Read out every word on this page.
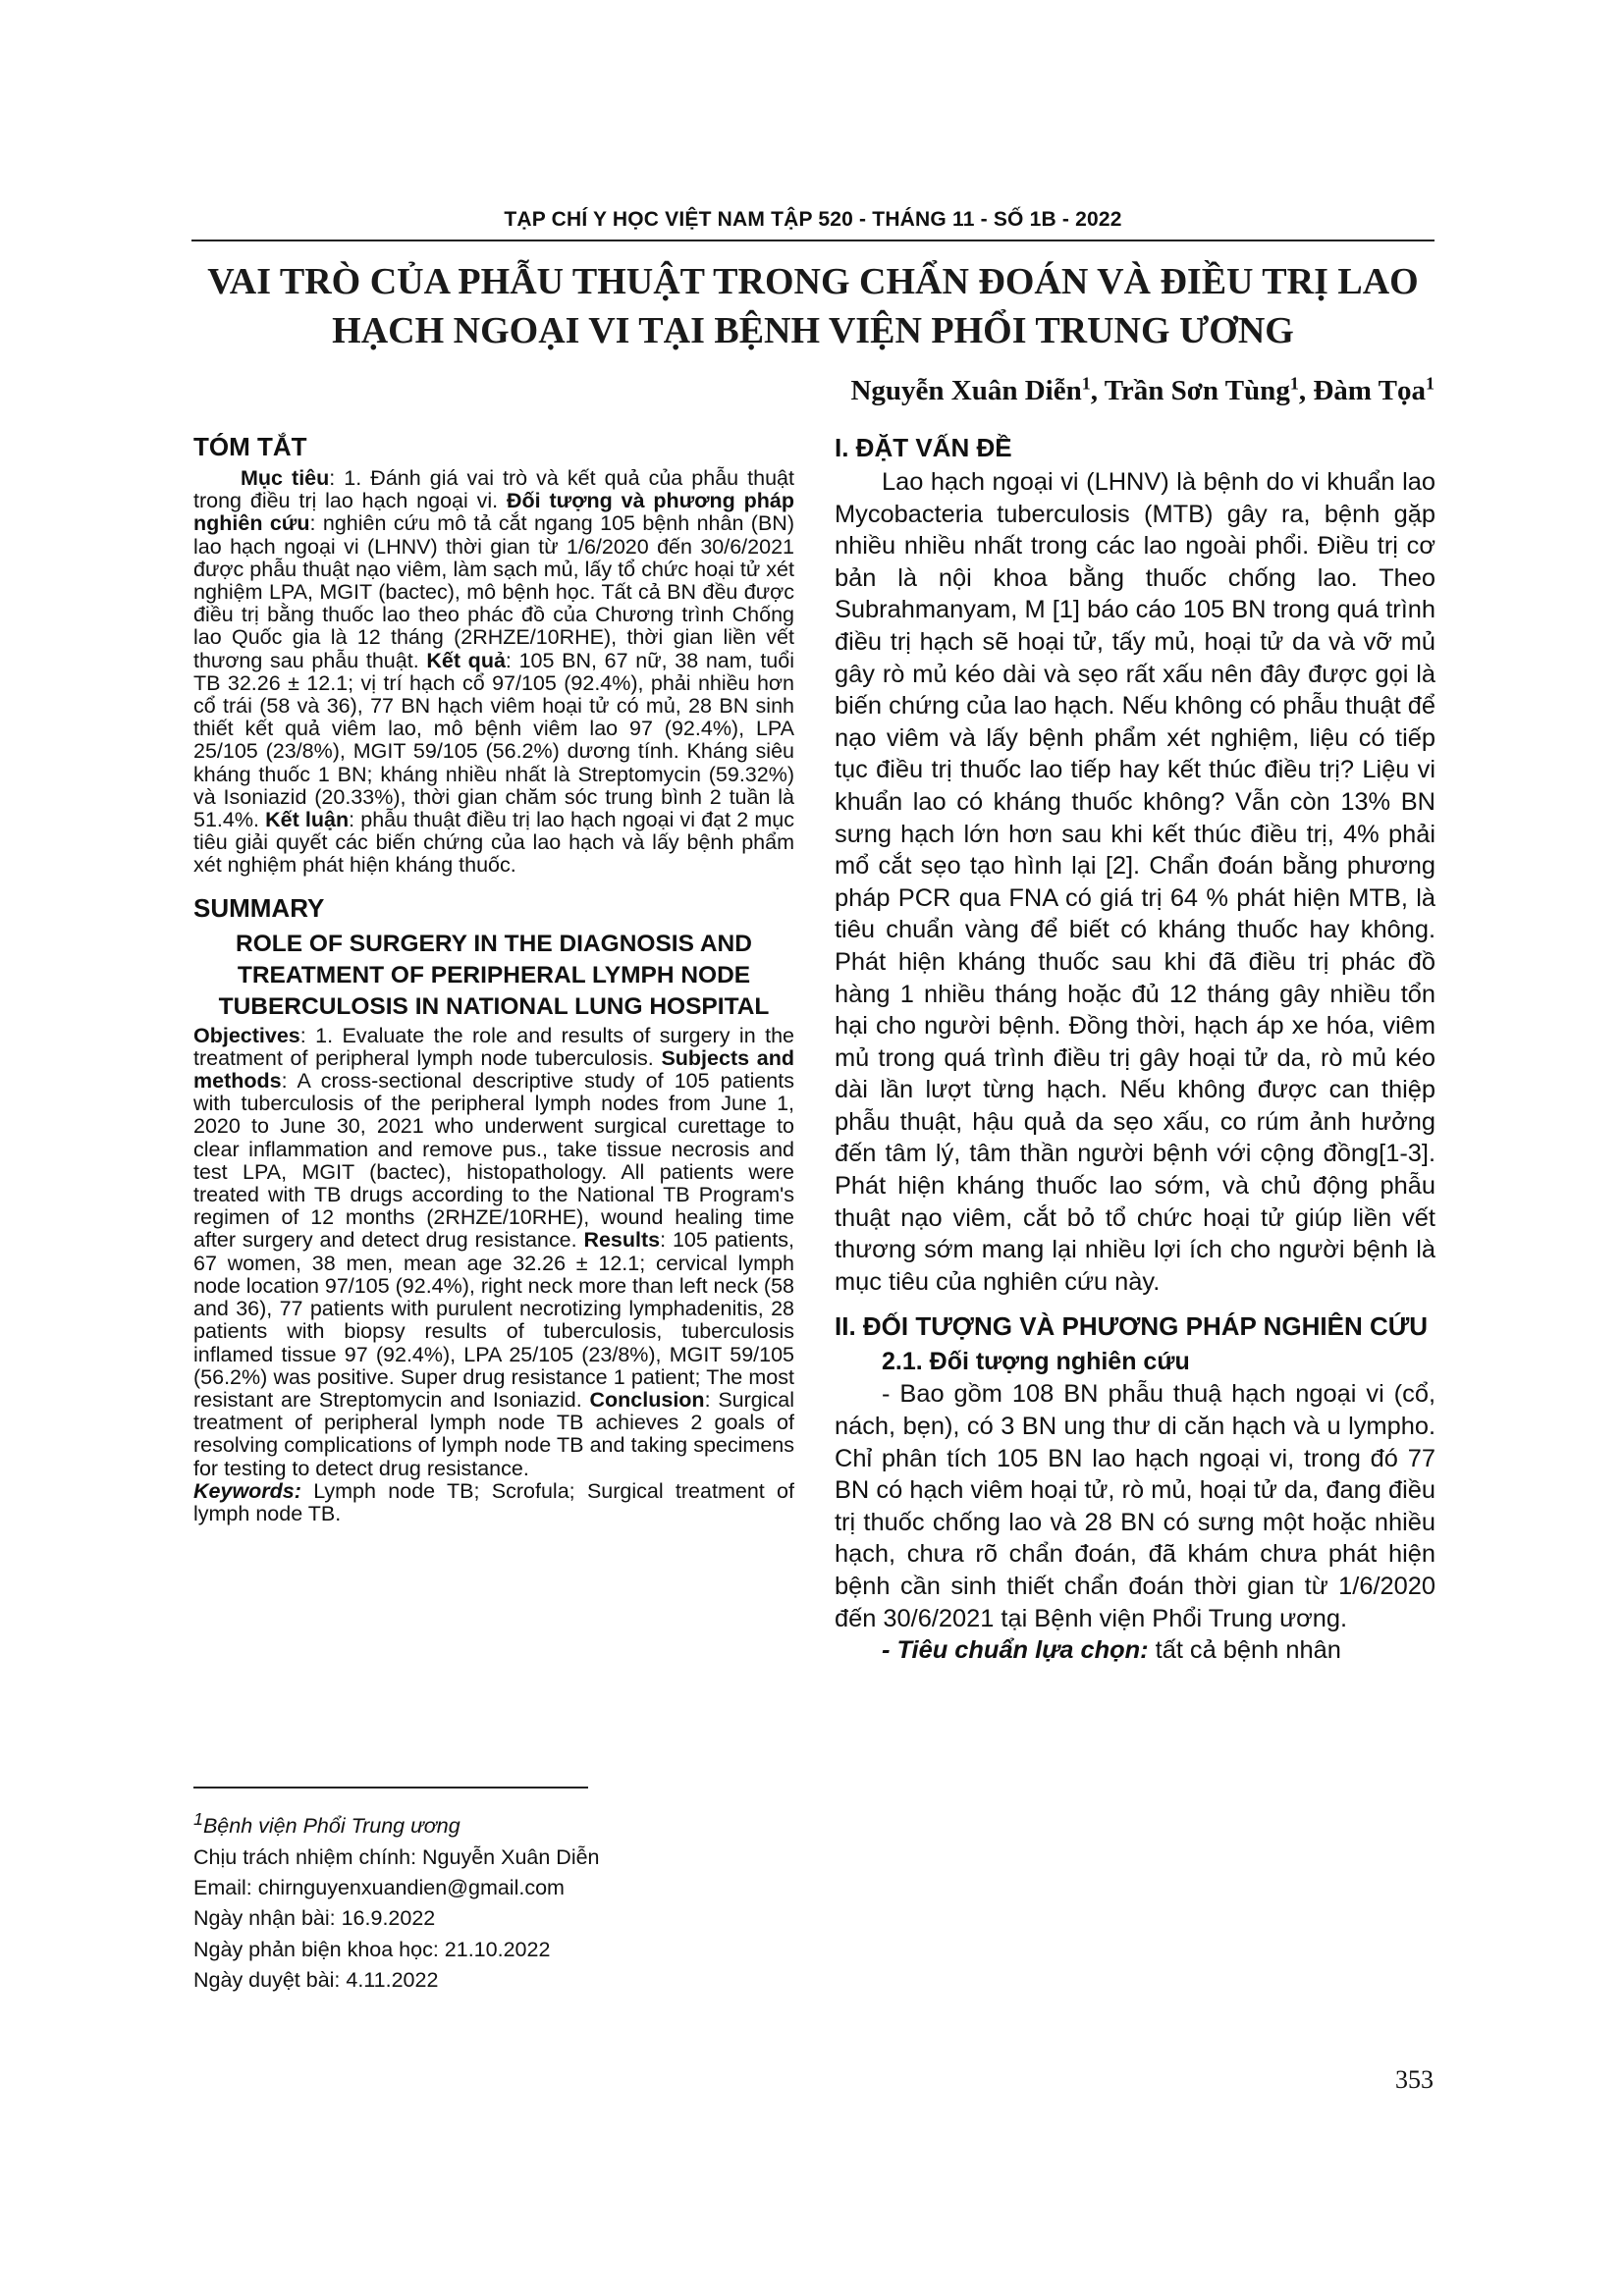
TẠP CHÍ Y HỌC VIỆT NAM TẬP 520 - THÁNG 11 - SỐ 1B - 2022
VAI TRÒ CỦA PHẪU THUẬT TRONG CHẨN ĐOÁN VÀ ĐIỀU TRỊ LAO
HẠCH NGOẠI VI TẠI BỆNH VIỆN PHỔI TRUNG ƯƠNG
Nguyễn Xuân Diễn$^1$, Trần Sơn Tùng$^1$, Đàm Tọa$^1$
TÓM TẮT

Mục tiêu: 1. Đánh giá vai trò và kết quả của phẫu thuật trong điều trị lao hạch ngoại vi. Đối tượng và phương pháp nghiên cứu: nghiên cứu mô tả cắt ngang 105 bệnh nhân (BN) lao hạch ngoại vi (LHNV) thời gian từ 1/6/2020 đến 30/6/2021 được phẫu thuật nạo viêm, làm sạch mủ, lấy tổ chức hoại tử xét nghiệm LPA, MGIT (bactec), mô bệnh học. Tất cả BN đều được điều trị bằng thuốc lao theo phác đồ của Chương trình Chống lao Quốc gia là 12 tháng (2RHZE/10RHE), thời gian liền vết thương sau phẫu thuật. Kết quả: 105 BN, 67 nữ, 38 nam, tuổi TB 32.26 ± 12.1; vị trí hạch cổ 97/105 (92.4%), phải nhiều hơn cổ trái (58 và 36), 77 BN hạch viêm hoại tử có mủ, 28 BN sinh thiết kết quả viêm lao, mô bệnh viêm lao 97 (92.4%), LPA 25/105 (23/8%), MGIT 59/105 (56.2%) dương tính. Kháng siêu kháng thuốc 1 BN; kháng nhiều nhất là Streptomycin (59.32%) và Isoniazid (20.33%), thời gian chăm sóc trung bình 2 tuần là 51.4%. Kết luận: phẫu thuật điều trị lao hạch ngoại vi đạt 2 mục tiêu giải quyết các biến chứng của lao hạch và lấy bệnh phẩm xét nghiệm phát hiện kháng thuốc.

SUMMARY
ROLE OF SURGERY IN THE DIAGNOSIS AND
TREATMENT OF PERIPHERAL LYMPH NODE
TUBERCULOSIS IN NATIONAL LUNG HOSPITAL

Objectives: 1. Evaluate the role and results of surgery in the treatment of peripheral lymph node tuberculosis. Subjects and methods: A cross-sectional descriptive study of 105 patients with tuberculosis of the peripheral lymph nodes from June 1, 2020 to June 30, 2021 who underwent surgical curettage to clear inflammation and remove pus., take tissue necrosis and test LPA, MGIT (bactec), histopathology. All patients were treated with TB drugs according to the National TB Program's regimen of 12 months (2RHZE/10RHE), wound healing time after surgery and detect drug resistance. Results: 105 patients, 67 women, 38 men, mean age 32.26 ± 12.1; cervical lymph node location 97/105 (92.4%), right neck more than left neck (58 and 36), 77 patients with purulent necrotizing lymphadenitis, 28 patients with biopsy results of tuberculosis, tuberculosis inflamed tissue 97 (92.4%), LPA 25/105 (23/8%), MGIT 59/105 (56.2%) was positive. Super drug resistance 1 patient; The most resistant are Streptomycin and Isoniazid. Conclusion: Surgical treatment of peripheral lymph node TB achieves 2 goals of resolving complications of lymph node TB and taking specimens for testing to detect drug resistance.

Keywords: Lymph node TB; Scrofula; Surgical treatment of lymph node TB.

I. ĐẶT VẤN ĐỀ

Lao hạch ngoại vi (LHNV) là bệnh do vi khuẩn lao Mycobacteria tuberculosis (MTB) gây ra, bệnh gặp nhiều nhiều nhất trong các lao ngoài phổi. Điều trị cơ bản là nội khoa bằng thuốc chống lao. Theo Subrahmanyam, M [1] báo cáo 105 BN trong quá trình điều trị hạch sẽ hoại tử, tấy mủ, hoại tử da và vỡ mủ gây rò mủ kéo dài và sẹo rất xấu nên đây được gọi là biến chứng của lao hạch. Nếu không có phẫu thuật để nạo viêm và lấy bệnh phẩm xét nghiệm, liệu có tiếp tục điều trị thuốc lao tiếp hay kết thúc điều trị? Liệu vi khuẩn lao có kháng thuốc không? Vẫn còn 13% BN sưng hạch lớn hơn sau khi kết thúc điều trị, 4% phải mổ cắt sẹo tạo hình lại [2]. Chẩn đoán bằng phương pháp PCR qua FNA có giá trị 64 % phát hiện MTB, là tiêu chuẩn vàng để biết có kháng thuốc hay không. Phát hiện kháng thuốc sau khi đã điều trị phác đồ hàng 1 nhiều tháng hoặc đủ 12 tháng gây nhiều tổn hại cho người bệnh. Đồng thời, hạch áp xe hóa, viêm mủ trong quá trình điều trị gây hoại tử da, rò mủ kéo dài lần lượt từng hạch. Nếu không được can thiệp phẫu thuật, hậu quả da sẹo xấu, co rúm ảnh hưởng đến tâm lý, tâm thần người bệnh với cộng đồng[1-3]. Phát hiện kháng thuốc lao sớm, và chủ động phẫu thuật nạo viêm, cắt bỏ tổ chức hoại tử giúp liền vết thương sớm mang lại nhiều lợi ích cho người bệnh là mục tiêu của nghiên cứu này.

II. ĐỐI TƯỢNG VÀ PHƯƠNG PHÁP NGHIÊN CỨU
2.1. Đối tượng nghiên cứu

- Bao gồm 108 BN phẫu thuậ hạch ngoại vi (cổ, nách, bẹn), có 3 BN ung thư di căn hạch và u lympho. Chỉ phân tích 105 BN lao hạch ngoại vi, trong đó 77 BN có hạch viêm hoại tử, rò mủ, hoại tử da, đang điều trị thuốc chống lao và 28 BN có sưng một hoặc nhiều hạch, chưa rõ chẩn đoán, đã khám chưa phát hiện bệnh cần sinh thiết chẩn đoán thời gian từ 1/6/2020 đến 30/6/2021 tại Bệnh viện Phổi Trung ương.

- Tiêu chuẩn lựa chọn: tất cả bệnh nhân

$^1$Bệnh viện Phổi Trung ương
Chịu trách nhiệm chính: Nguyễn Xuân Diễn
Email: chirnguyenxuandien@gmail.com
Ngày nhận bài: 16.9.2022
Ngày phản biện khoa học: 21.10.2022
Ngày duyệt bài: 4.11.2022
353
